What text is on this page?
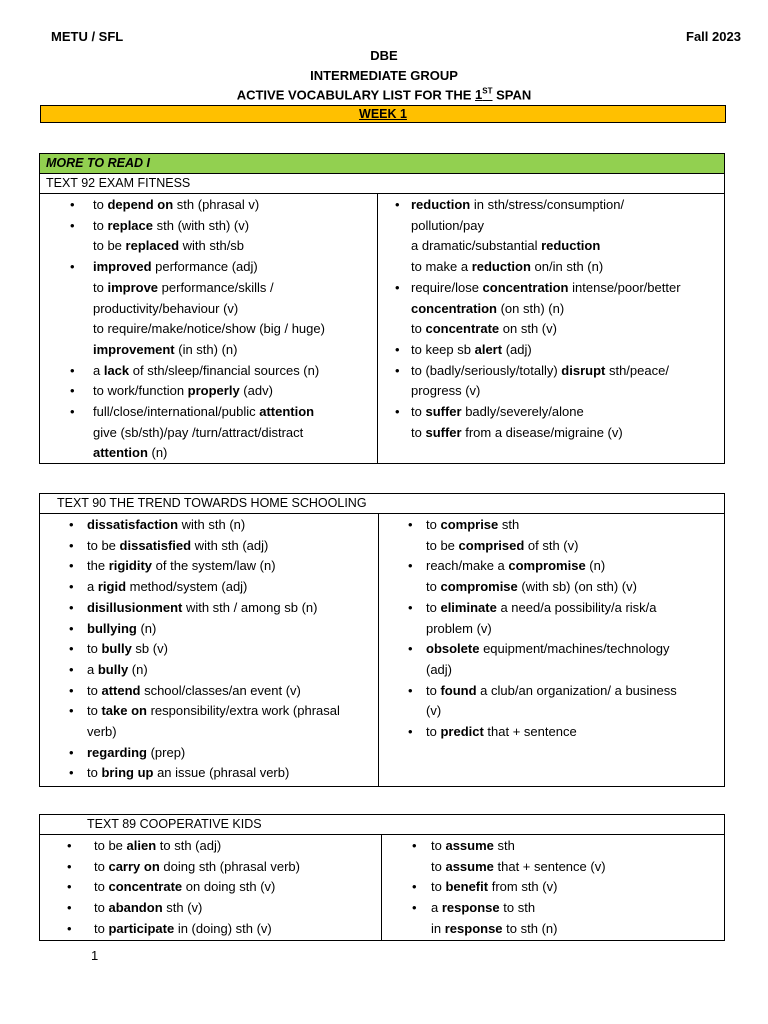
METU / SFL	Fall 2023
DBE
INTERMEDIATE GROUP
ACTIVE VOCABULARY LIST FOR THE 1ST SPAN
WEEK 1
MORE TO READ I
TEXT 92 EXAM FITNESS
• to depend on sth (phrasal v)
• to replace sth (with sth) (v)
to be replaced with sth/sb
• improved performance (adj)
to improve performance/skills /
productivity/behaviour (v)
to require/make/notice/show (big / huge)
improvement (in sth) (n)
• a lack of sth/sleep/financial sources (n)
• to work/function properly (adv)
• full/close/international/public attention
give (sb/sth)/pay /turn/attract/distract
attention (n)
• reduction in sth/stress/consumption/
pollution/pay
a dramatic/substantial reduction
to make a reduction on/in sth (n)
• require/lose concentration intense/poor/better
concentration (on sth) (n)
to concentrate on sth (v)
• to keep sb alert (adj)
• to (badly/seriously/totally) disrupt sth/peace/
progress (v)
• to suffer badly/severely/alone
to suffer from a disease/migraine (v)
TEXT 90 THE TREND TOWARDS HOME SCHOOLING
• dissatisfaction with sth (n)
• to be dissatisfied with sth (adj)
• the rigidity of the system/law (n)
• a rigid method/system (adj)
• disillusionment with sth / among sb (n)
• bullying (n)
• to bully sb (v)
• a bully (n)
• to attend school/classes/an event (v)
• to take on responsibility/extra work (phrasal
verb)
• regarding (prep)
• to bring up an issue (phrasal verb)
• to comprise sth
to be comprised of sth (v)
• reach/make a compromise (n)
to compromise (with sb) (on sth) (v)
• to eliminate a need/a possibility/a risk/a
problem (v)
• obsolete equipment/machines/technology
(adj)
• to found a club/an organization/ a business
(v)
• to predict that + sentence
TEXT 89 COOPERATIVE KIDS
• to be alien to sth (adj)
• to carry on doing sth (phrasal verb)
• to concentrate on doing sth (v)
• to abandon sth (v)
• to participate in (doing) sth (v)
• to assume sth
to assume that + sentence (v)
• to benefit from sth (v)
• a response to sth
in response to sth (n)
1
